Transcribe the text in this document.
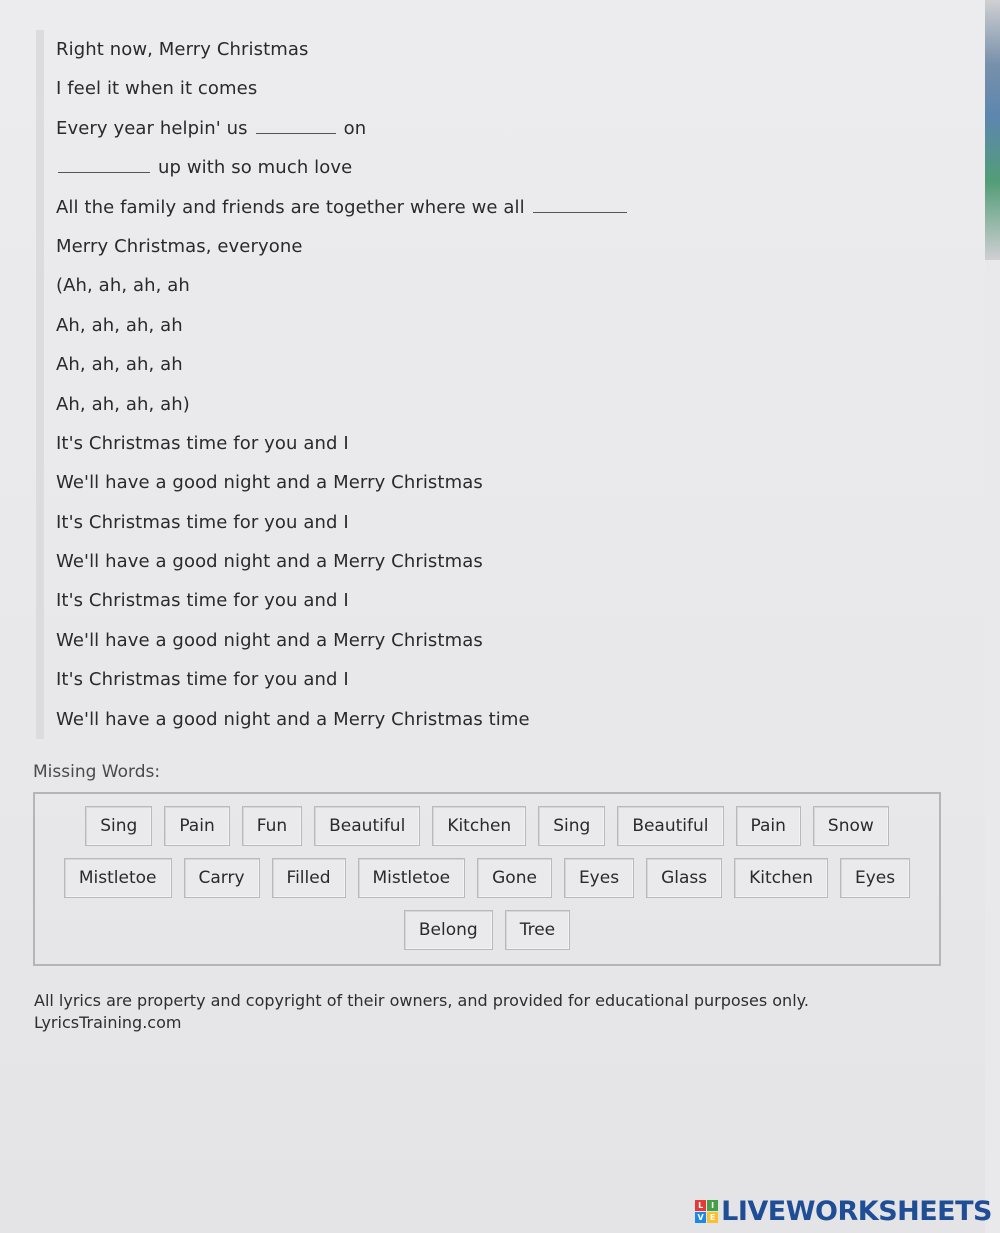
Right now, Merry Christmas
I feel it when it comes
Every year helpin' us	on
up with so much love
All the family and friends are together where we all
Merry Christmas, everyone
(Ah, ah, ah, ah
Ah, ah, ah, ah
Ah, ah, ah, ah
Ah, ah, ah, ah)
It's Christmas time for you and I
We'll have a good night and a Merry Christmas
It's Christmas time for you and I
We'll have a good night and a Merry Christmas
It's Christmas time for you and I
We'll have a good night and a Merry Christmas
It's Christmas time for you and I
We'll have a good night and a Merry Christmas time
Missing Words:
Sing	Pain	Fun	Beautiful	Kitchen	Sing	Beautiful	Pain	Snow
Mistletoe	Carry	Filled	Mistletoe	Gone	Eyes	Glass	Kitchen	Eyes
Belong	Tree
All lyrics are property and copyright of their owners, and provided for educational purposes only.
LyricsTraining.com
L I
V E LIVEWORKSHEETS
